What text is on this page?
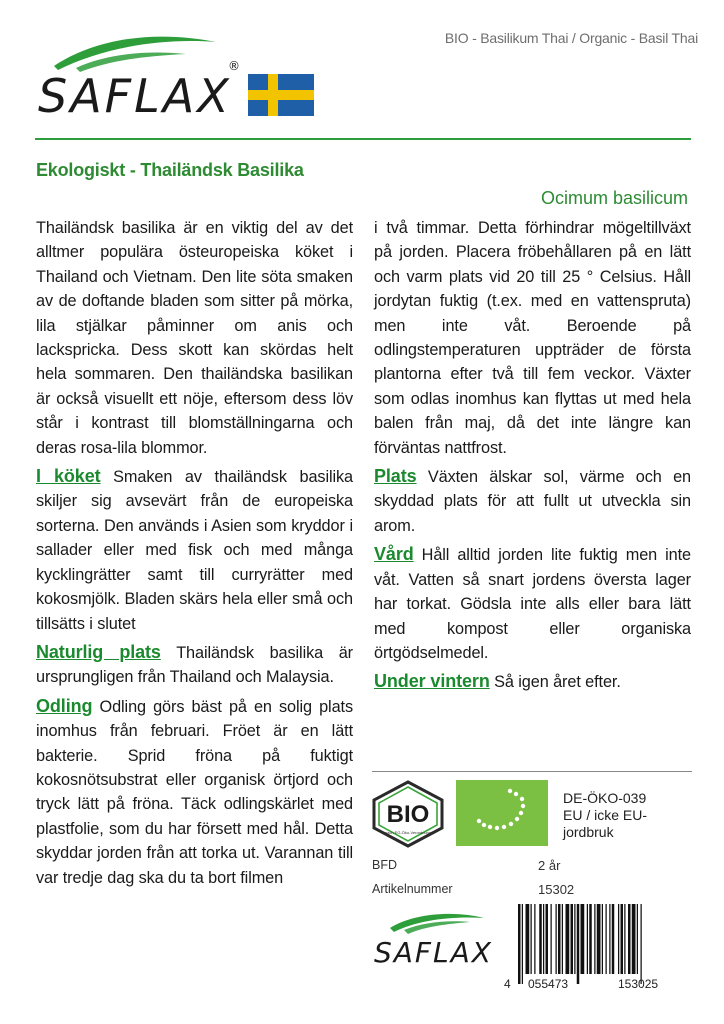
BIO - Basilikum Thai / Organic - Basil Thai
SAFLAX
®
Ekologiskt - Thailändsk Basilika
Ocimum basilicum

Thailändsk basilika är en viktig del av det alltmer populära östeuropeiska köket i Thailand och Vietnam. Den lite söta smaken av de doftande bladen som sitter på mörka, lila stjälkar påminner om anis och lackspricka. Dess skott kan skördas helt hela sommaren. Den thailändska basilikan är också visuellt ett nöje, eftersom dess löv står i kontrast till blomställningarna och deras rosa-lila blommor.

I köket Smaken av thailändsk basilika skiljer sig avsevärt från de europeiska sorterna. Den används i Asien som kryddor i sallader eller med fisk och med många kycklingrätter samt till curryrätter med kokosmjölk. Bladen skärs hela eller små och tillsätts i slutet

Naturlig plats Thailändsk basilika är ursprungligen från Thailand och Malaysia.

Odling Odling görs bäst på en solig plats inomhus från februari. Fröet är en lätt bakterie. Sprid fröna på fuktigt kokosnötsubstrat eller organisk örtjord och tryck lätt på fröna. Täck odlingskärlet med plastfolie, som du har försett med hål. Detta skyddar jorden från att torka ut. Varannan till var tredje dag ska du ta bort filmen

i två timmar. Detta förhindrar mögeltillväxt på jorden. Placera fröbehållaren på en lätt och varm plats vid 20 till 25 ° Celsius. Håll jordytan fuktig (t.ex. med en vattenspruta) men inte våt. Beroende på odlingstemperaturen uppträder de första plantorna efter två till fem veckor. Växter som odlas inomhus kan flyttas ut med hela balen från maj, då det inte längre kan förväntas nattfrost.

Plats Växten älskar sol, värme och en skyddad plats för att fullt ut utveckla sin arom.

Vård Håll alltid jorden lite fuktig men inte våt. Vatten så snart jordens översta lager har torkat. Gödsla inte alls eller bara lätt med kompost eller organiska örtgödselmedel.

Under vintern Så igen året efter.

BIO
nach EG-Öko-Verordnung
DE-ÖKO-039
EU / icke EU-
jordbruk
BFD	2 år
Artikelnummer	15302
SAFLAX
4 055473	153025
